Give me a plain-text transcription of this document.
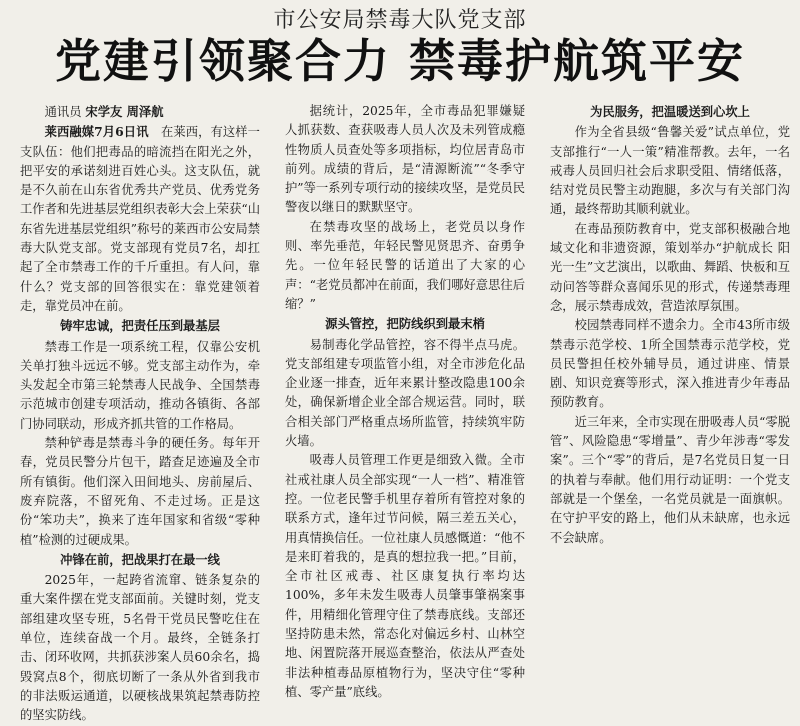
市公安局禁毒大队党支部
党建引领聚合力 禁毒护航筑平安

通讯员 宋学友 周泽航

莱西融媒7月6日讯　 在莱西，有这样一支队伍：他们把毒品的暗流挡在阳光之外，把平安的承诺刻进百姓心头。这支队伍，就是不久前在山东省优秀共产党员、优秀党务工作者和先进基层党组织表彰大会上荣获“山东省先进基层党组织”称号的莱西市公安局禁毒大队党支部。党支部现有党员7名，却扛起了全市禁毒工作的千斤重担。有人问，靠什么？党支部的回答很实在：靠党建领着走，靠党员冲在前。

铸牢忠诚，把责任压到最基层

禁毒工作是一项系统工程，仅靠公安机关单打独斗远远不够。党支部主动作为，牵头发起全市第三轮禁毒人民战争、全国禁毒示范城市创建专项活动，推动各镇街、各部门协同联动，形成齐抓共管的工作格局。

禁种铲毒是禁毒斗争的硬任务。每年开春，党员民警分片包干，踏查足迹遍及全市所有镇街。他们深入田间地头、房前屋后、废弃院落，不留死角、不走过场。正是这份“笨功夫”，换来了连年国家和省级“零种植”检测的过硬成果。

冲锋在前，把战果打在最一线

2025年，一起跨省流窜、链条复杂的重大案件摆在党支部面前。关键时刻，党支部组建攻坚专班，5名骨干党员民警吃住在单位，连续奋战一个月。最终，全链条打击、闭环收网，共抓获涉案人员60余名，捣毁窝点8个，彻底切断了一条从外省到我市的非法贩运通道，以硬核战果筑起禁毒防控的坚实防线。

据统计，2025年，全市毒品犯罪嫌疑人抓获数、查获吸毒人员人次及未列管成瘾性物质人员查处等多项指标，均位居青岛市前列。成绩的背后，是“清源断流”“冬季守护”等一系列专项行动的接续攻坚，是党员民警夜以继日的默默坚守。

在禁毒攻坚的战场上，老党员以身作则、率先垂范，年轻民警见贤思齐、奋勇争先。一位年轻民警的话道出了大家的心声：“老党员都冲在前面，我们哪好意思往后缩？”

源头管控，把防线织到最末梢

易制毒化学品管控，容不得半点马虎。党支部组建专项监管小组，对全市涉危化品企业逐一排查，近年来累计整改隐患100余处，确保新增企业全部合规运营。同时，联合相关部门严格重点场所监管，持续筑牢防火墙。

吸毒人员管理工作更是细致入微。全市社戒社康人员全部实现“一人一档”、精准管控。一位老民警手机里存着所有管控对象的联系方式，逢年过节问候，隔三差五关心，用真情换信任。一位社康人员感慨道：“他不是来盯着我的，是真的想拉我一把。”目前，全市社区戒毒、社区康复执行率均达100%，多年未发生吸毒人员肇事肇祸案事件，用精细化管理守住了禁毒底线。支部还坚持防患未然，常态化对偏远乡村、山林空地、闲置院落开展巡查整治，依法从严查处非法种植毒品原植物行为，坚决守住“零种植、零产量”底线。

为民服务，把温暖送到心坎上

作为全省县级“鲁馨关爱”试点单位，党支部推行“一人一策”精准帮教。去年，一名戒毒人员回归社会后求职受阻、情绪低落，结对党员民警主动跑腿，多次与有关部门沟通，最终帮助其顺利就业。

在毒品预防教育中，党支部积极融合地域文化和非遗资源，策划举办“护航成长 阳光一生”文艺演出，以歌曲、舞蹈、快板和互动问答等群众喜闻乐见的形式，传递禁毒理念，展示禁毒成效，营造浓厚氛围。

校园禁毒同样不遗余力。全市43所市级禁毒示范学校、1所全国禁毒示范学校，党员民警担任校外辅导员，通过讲座、情景剧、知识竞赛等形式，深入推进青少年毒品预防教育。

近三年来，全市实现在册吸毒人员“零脱管”、风险隐患“零增量”、青少年涉毒“零发案”。三个“零”的背后，是7名党员日复一日的执着与奉献。他们用行动证明：一个党支部就是一个堡垒，一名党员就是一面旗帜。在守护平安的路上，他们从未缺席，也永远不会缺席。
